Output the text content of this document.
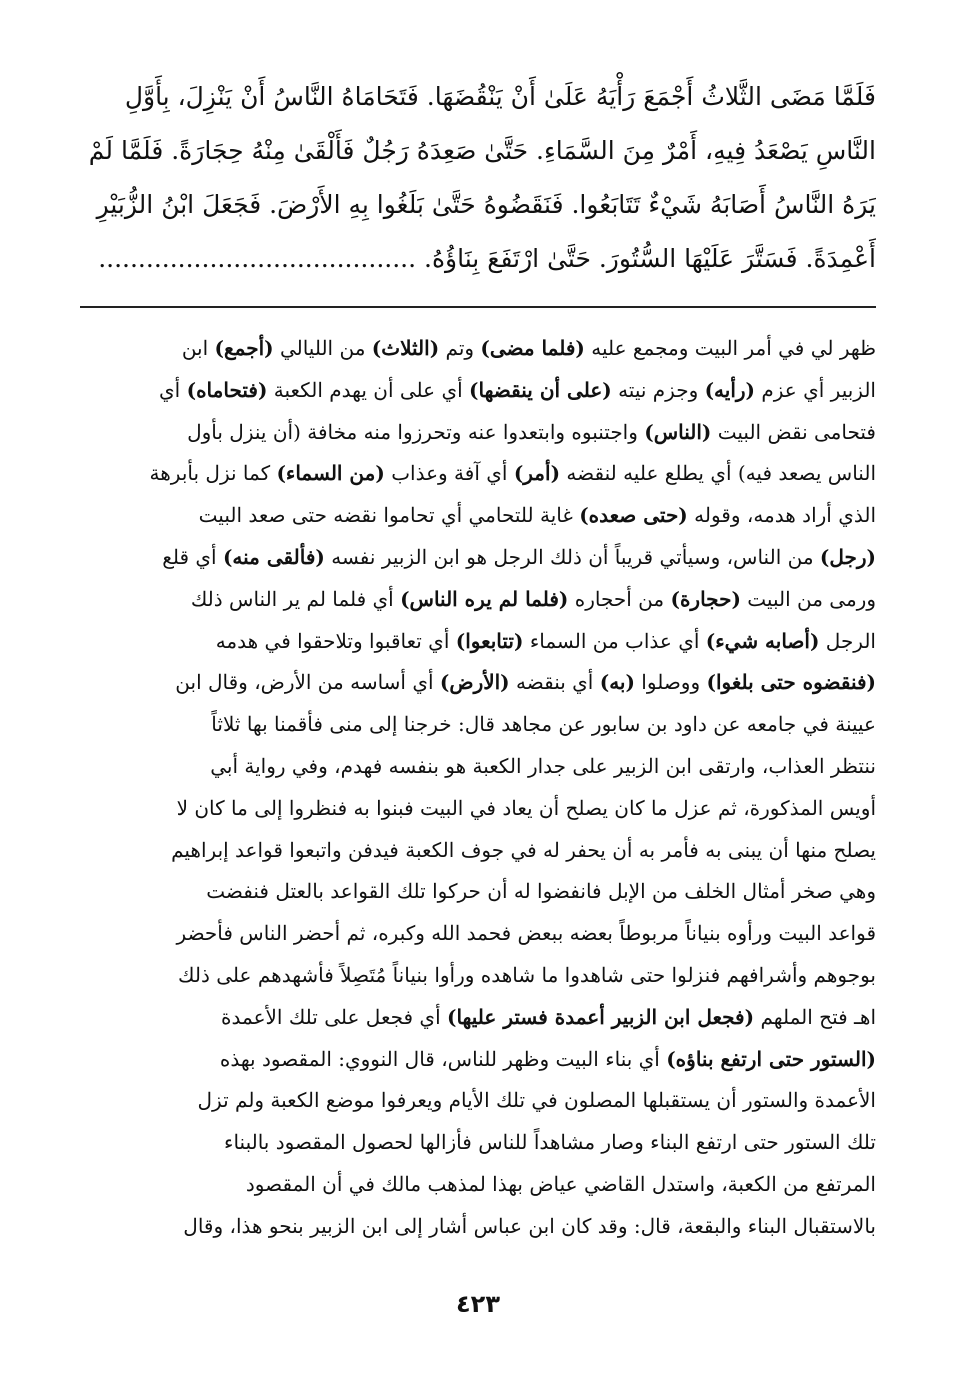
فَلَمَّا مَضَى الثَّلاثُ أَجْمَعَ رَأْيَهُ عَلَىٰ أَنْ يَنْقُضَهَا. فَتَحَامَاهُ النَّاسُ أَنْ يَنْزِلَ، بِأَوَّلِ
النَّاسِ يَصْعَدُ فِيهِ، أَمْرٌ مِنَ السَّمَاءِ. حَتَّىٰ صَعِدَهُ رَجُلٌ فَأَلْقَىٰ مِنْهُ حِجَارَةً. فَلَمَّا لَمْ
يَرَهُ النَّاسُ أَصَابَهُ شَيْءٌ تَتَابَعُوا. فَنَقَضُوهُ حَتَّىٰ بَلَغُوا بِهِ الأَرْضَ. فَجَعَلَ ابْنُ الزُّبَيْرِ
أَعْمِدَةً. فَسَتَّرَ عَلَيْهَا السُّتُورَ. حَتَّىٰ ارْتَفَعَ بِنَاؤُهُ. ........................................
ظهر لي في أمر البيت ومجمع عليه (فلما مضى) وتم (الثلاث) من الليالي (أجمع) ابن
الزبير أي عزم (رأيه) وجزم نيته (على أن ينقضها) أي على أن يهدم الكعبة (فتحاماه) أي
فتحامى نقض البيت (الناس) واجتنبوه وابتعدوا عنه وتحرزوا منه مخافة (أن ينزل بأول
الناس يصعد فيه) أي يطلع عليه لنقضه (أمر) أي آفة وعذاب (من السماء) كما نزل بأبرهة
الذي أراد هدمه، وقوله (حتى صعده) غاية للتحامي أي تحاموا نقضه حتى صعد البيت
(رجل) من الناس، وسيأتي قريباً أن ذلك الرجل هو ابن الزبير نفسه (فألقى منه) أي قلع
ورمى من البيت (حجارة) من أحجاره (فلما لم يره الناس) أي فلما لم ير الناس ذلك
الرجل (أصابه شيء) أي عذاب من السماء (تتابعوا) أي تعاقبوا وتلاحقوا في هدمه
(فنقضوه حتى بلغوا) ووصلوا (به) أي بنقضه (الأرض) أي أساسه من الأرض، وقال ابن
عيينة في جامعه عن داود بن سابور عن مجاهد قال: خرجنا إلى منى فأقمنا بها ثلاثاً
ننتظر العذاب، وارتقى ابن الزبير على جدار الكعبة هو بنفسه فهدم، وفي رواية أبي
أويس المذكورة، ثم عزل ما كان يصلح أن يعاد في البيت فبنوا به فنظروا إلى ما كان لا
يصلح منها أن يبنى به فأمر به أن يحفر له في جوف الكعبة فيدفن واتبعوا قواعد إبراهيم
وهي صخر أمثال الخلف من الإبل فانفضوا له أن حركوا تلك القواعد بالعتل فنفضت
قواعد البيت ورأوه بنياناً مربوطاً بعضه ببعض فحمد الله وكبره، ثم أحضر الناس فأحضر
بوجوهم وأشرافهم فنزلوا حتى شاهدوا ما شاهده ورأوا بنياناً مُتَصِلاً فأشهدهم على ذلك
اهـ فتح الملهم (فجعل ابن الزبير أعمدة فستر عليها) أي فجعل على تلك الأعمدة
(الستور حتى ارتفع بناؤه) أي بناء البيت وظهر للناس، قال النووي: المقصود بهذه
الأعمدة والستور أن يستقبلها المصلون في تلك الأيام ويعرفوا موضع الكعبة ولم تزل
تلك الستور حتى ارتفع البناء وصار مشاهداً للناس فأزالها لحصول المقصود بالبناء
المرتفع من الكعبة، واستدل القاضي عياض بهذا لمذهب مالك في أن المقصود
بالاستقبال البناء والبقعة، قال: وقد كان ابن عباس أشار إلى ابن الزبير بنحو هذا، وقال
٤٢٣
